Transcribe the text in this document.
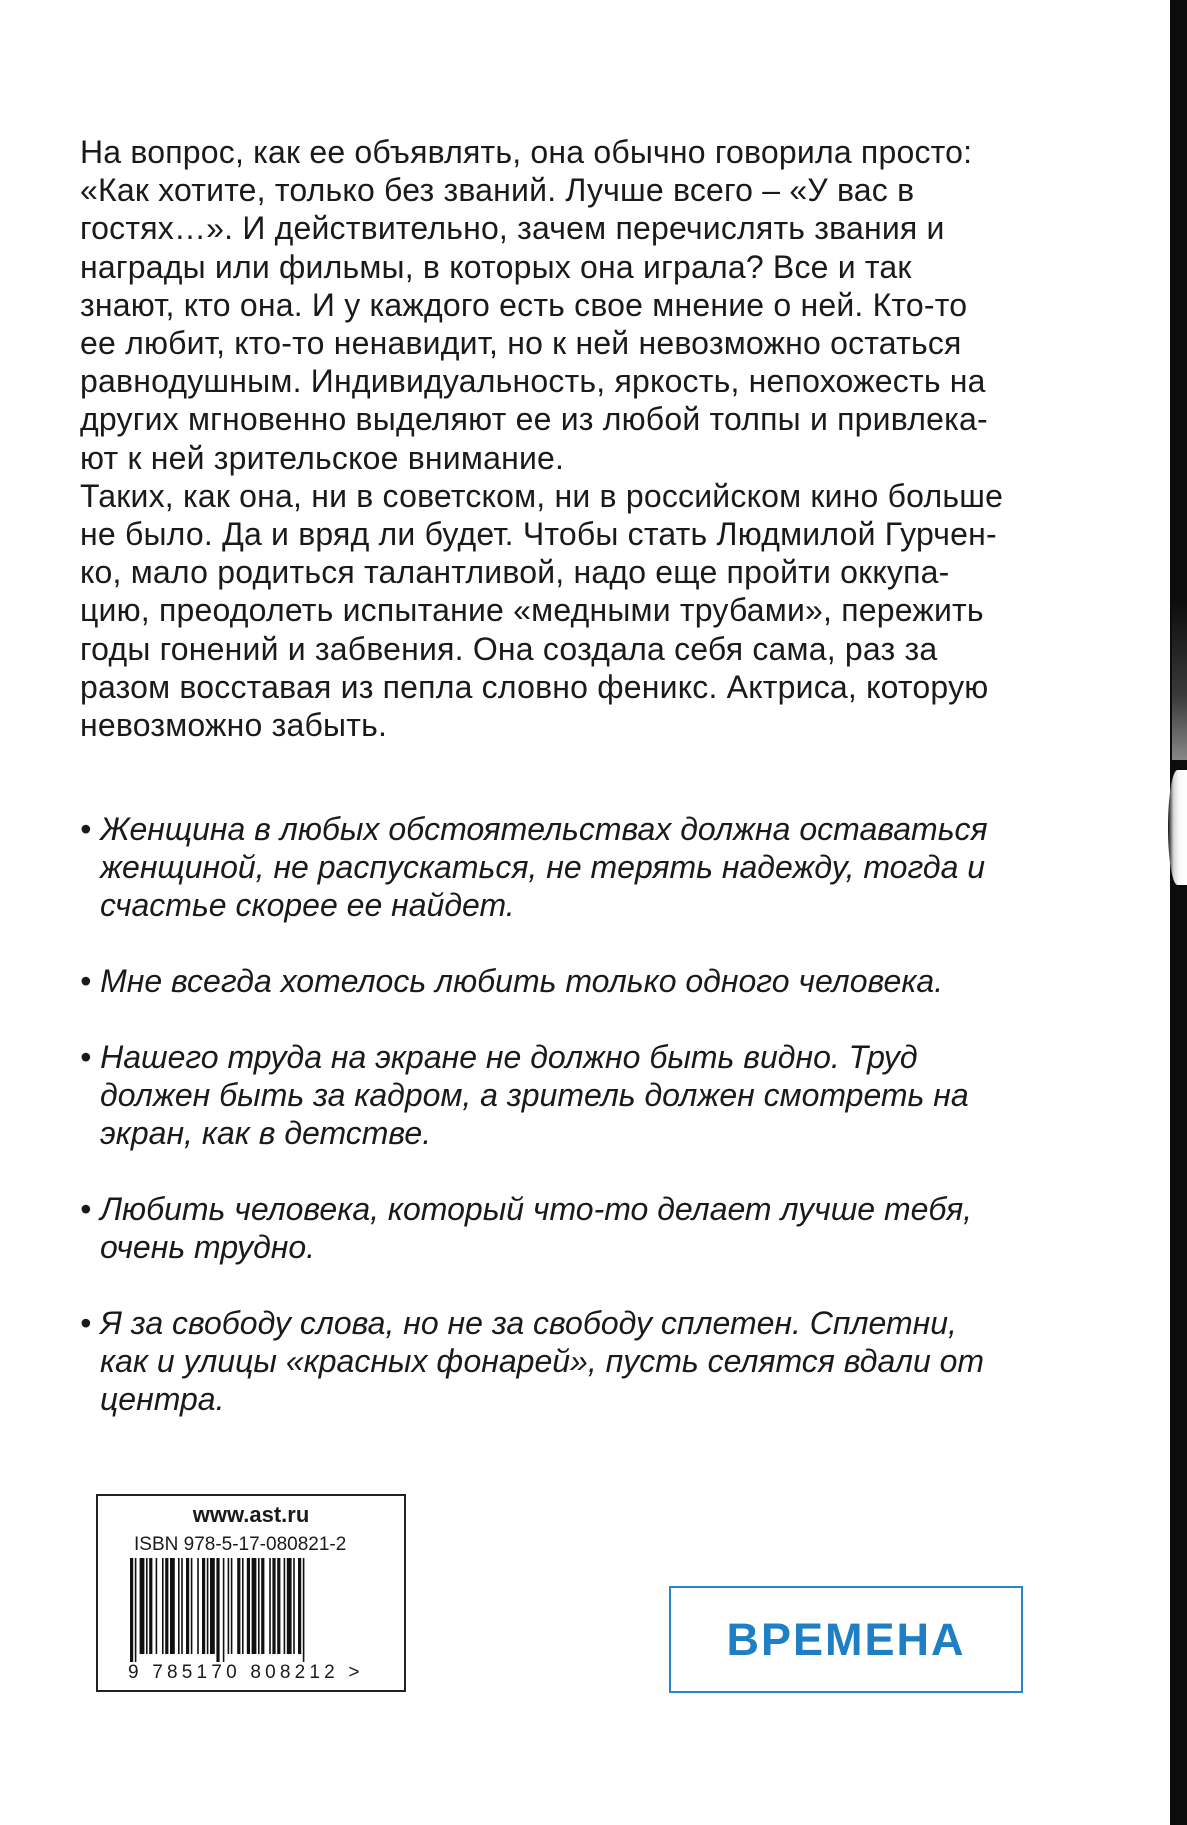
На вопрос, как ее объявлять, она обычно говорила просто:

«Как хотите, только без званий. Лучше всего – «У вас в

гостях…». И действительно, зачем перечислять звания и

награды или фильмы, в которых она играла? Все и так

знают, кто она. И у каждого есть свое мнение о ней. Кто-то

ее любит, кто-то ненавидит, но к ней невозможно остаться

равнодушным. Индивидуальность, яркость, непохожесть на

других мгновенно выделяют ее из любой толпы и привлека-

ют к ней зрительское внимание.

Таких, как она, ни в советском, ни в российском кино больше

не было. Да и вряд ли будет. Чтобы стать Людмилой Гурчен-

ко, мало родиться талантливой, надо еще пройти оккупа-

цию, преодолеть испытание «медными трубами», пережить

годы гонений и забвения. Она создала себя сама, раз за

разом восставая из пепла словно феникс. Актриса, которую

невозможно забыть.

• Женщина в любых обстоятельствах должна оставаться
женщиной, не распускаться, не терять надежду, тогда и
счастье скорее ее найдет.
• Мне всегда хотелось любить только одного человека.
• Нашего труда на экране не должно быть видно. Труд
должен быть за кадром, а зритель должен смотреть на
экран, как в детстве.
• Любить человека, который что-то делает лучше тебя,
очень трудно.
• Я за свободу слова, но не за свободу сплетен. Сплетни,
как и улицы «красных фонарей», пусть селятся вдали от
центра.
www.ast.ru
ISBN 978-5-17-080821-2
9 785170 808212 >
ВРЕМЕНА
